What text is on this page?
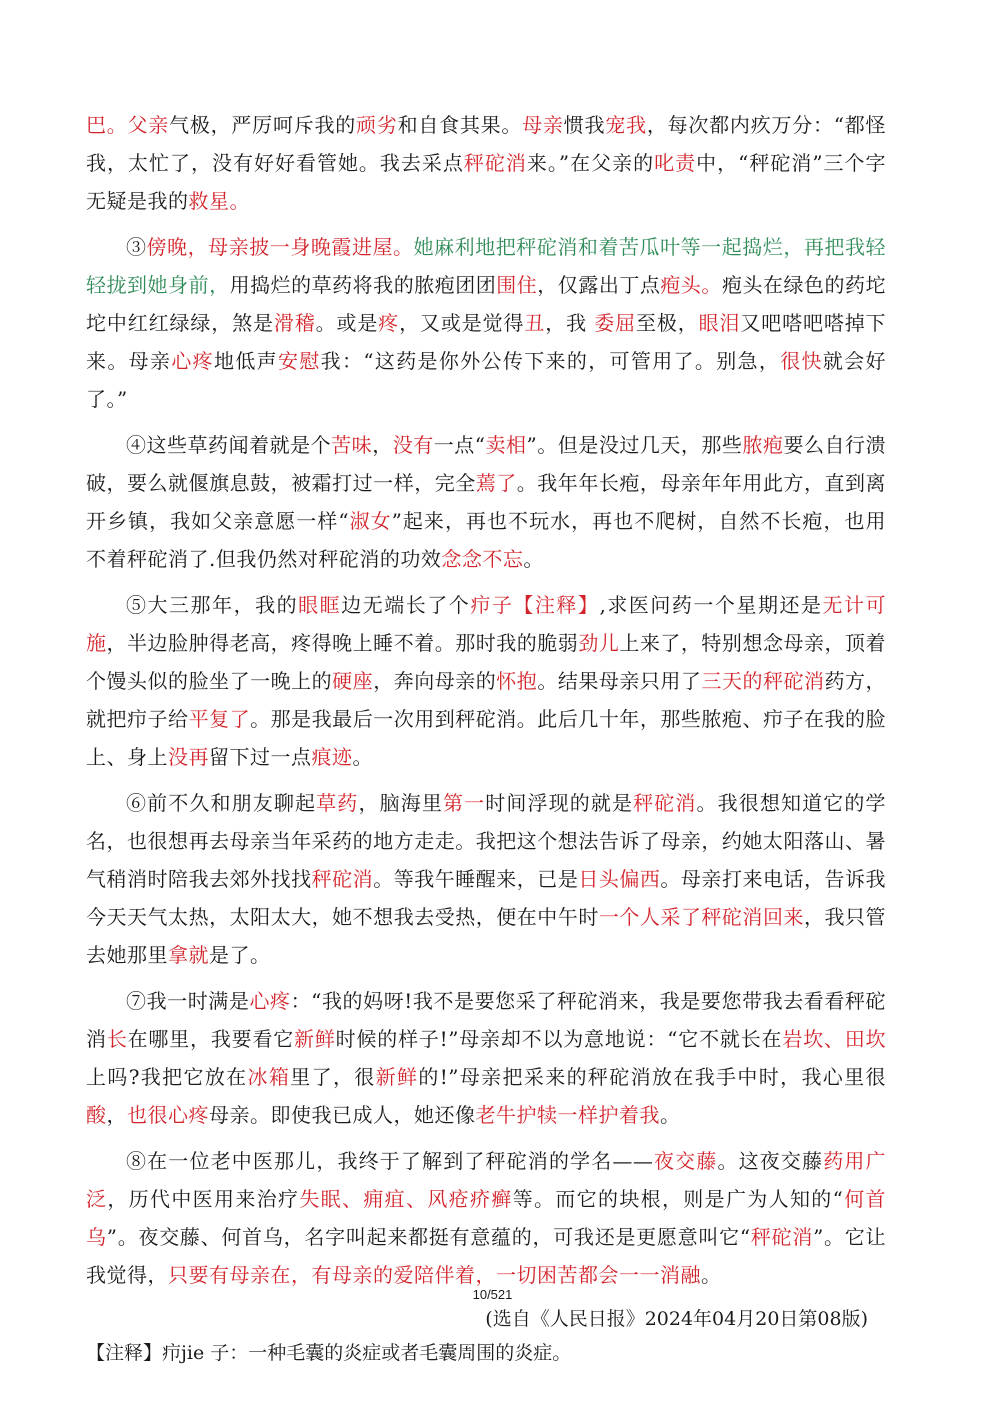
巴。父亲气极，严厉呵斥我的顽劣和自食其果。母亲惯我宠我，每次都内疚万分：“都怪我，太忙了，没有好好看管她。我去采点秤砣消来。”在父亲的叱责中，“秤砣消”三个字无疑是我的救星。

③傍晚，母亲披一身晚霞进屋。她麻利地把秤砣消和着苦瓜叶等一起捣烂，再把我轻轻拢到她身前，用捣烂的草药将我的脓疱团团围住，仅露出丁点疱头。疱头在绿色的药坨坨中红红绿绿，煞是滑稽。或是疼，又或是觉得丑，我 委屈至极，眼泪又吧嗒吧嗒掉下来。母亲心疼地低声安慰我：“这药是你外公传下来的，可管用了。别急，很快就会好了。”

④这些草药闻着就是个苦味，没有一点“卖相”。但是没过几天，那些脓疱要么自行溃破，要么就偃旗息鼓，被霜打过一样，完全蔫了。我年年长疱，母亲年年用此方，直到离开乡镇，我如父亲意愿一样“淑女”起来，再也不玩水，再也不爬树，自然不长疱，也用不着秤砣消了.但我仍然对秤砣消的功效念念不忘。

⑤大三那年，我的眼眶边无端长了个疖子【注释】,求医问药一个星期还是无计可施，半边脸肿得老高，疼得晚上睡不着。那时我的脆弱劲儿上来了，特别想念母亲，顶着个馒头似的脸坐了一晚上的硬座，奔向母亲的怀抱。结果母亲只用了三天的秤砣消药方，就把疖子给平复了。那是我最后一次用到秤砣消。此后几十年，那些脓疱、疖子在我的脸上、身上没再留下过一点痕迹。

⑥前不久和朋友聊起草药，脑海里第一时间浮现的就是秤砣消。我很想知道它的学名，也很想再去母亲当年采药的地方走走。我把这个想法告诉了母亲，约她太阳落山、暑气稍消时陪我去郊外找找秤砣消。等我午睡醒来，已是日头偏西。母亲打来电话，告诉我今天天气太热，太阳太大，她不想我去受热，便在中午时一个人采了秤砣消回来，我只管去她那里拿就是了。

⑦我一时满是心疼：“我的妈呀!我不是要您采了秤砣消来，我是要您带我去看看秤砣消长在哪里，我要看它新鲜时候的样子!”母亲却不以为意地说：“它不就长在岩坎、田坎上吗?我把它放在冰箱里了，很新鲜的!”母亲把采来的秤砣消放在我手中时，我心里很酸，也很心疼母亲。即使我已成人，她还像老牛护犊一样护着我。

⑧在一位老中医那儿，我终于了解到了秤砣消的学名——夜交藤。这夜交藤药用广泛，历代中医用来治疗失眠、痈疽、风疮疥癣等。而它的块根，则是广为人知的“何首乌”。夜交藤、何首乌，名字叫起来都挺有意蕴的，可我还是更愿意叫它“秤砣消”。它让我觉得，只要有母亲在，有母亲的爱陪伴着，一切困苦都会一一消融。

(选自《人民日报》2024年04月20日第08版)
【注释】疖jie 子：一种毛囊的炎症或者毛囊周围的炎症。
10/521
